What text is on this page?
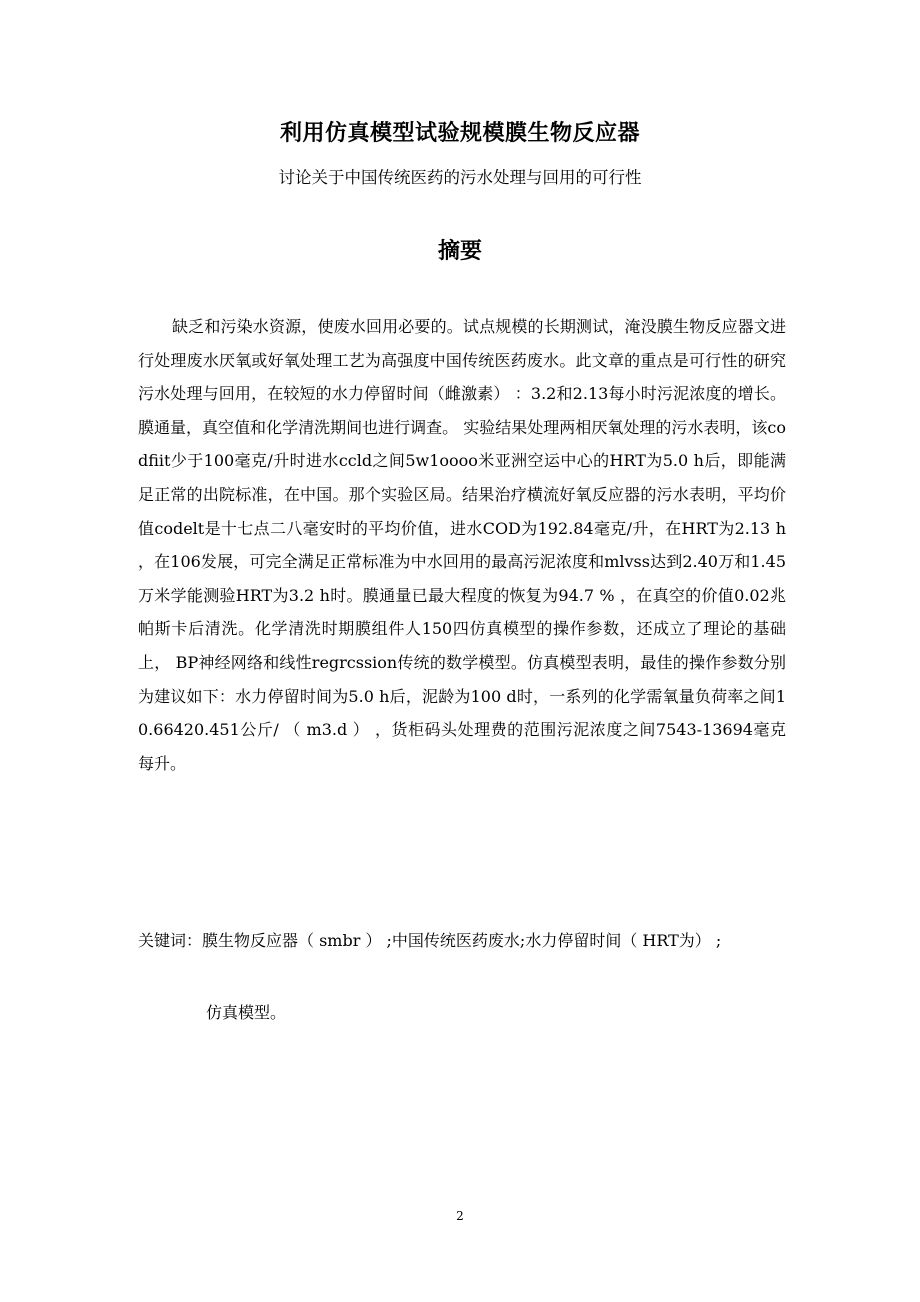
利用仿真模型试验规模膜生物反应器
讨论关于中国传统医药的污水处理与回用的可行性
摘要

缺乏和污染水资源，使废水回用必要的。试点规模的长期测试，淹没膜生物反应器文进行处理废水厌氧或好氧处理工艺为高强度中国传统医药废水。此文章的重点是可行性的研究污水处理与回用，在较短的水力停留时间（雌激素） ：3.2和2.13每小时污泥浓度的增长。膜通量，真空值和化学清洗期间也进行调查。 实验结果处理两相厌氧处理的污水表明，该codfiit少于100毫克/升时进水ccld之间5w1oooo米亚洲空运中心的HRT为5.0 h后，即能满足正常的出院标准，在中国。那个实验区局。结果治疗横流好氧反应器的污水表明，平均价值codelt是十七点二八毫安时的平均价值，进水COD为192.84毫克/升，在HRT为2.13 h ，在106发展，可完全满足正常标准为中水回用的最高污泥浓度和mlvss达到2.40万和1.45万米学能测验HRT为3.2 h时。膜通量已最大程度的恢复为94.7 % ，在真空的价值0.02兆帕斯卡后清洗。化学清洗时期膜组件人150四仿真模型的操作参数，还成立了理论的基础上， BP神经网络和线性regrcssion传统的数学模型。仿真模型表明，最佳的操作参数分别为建议如下：水力停留时间为5.0 h后，泥龄为100 d时，一系列的化学需氧量负荷率之间10.66420.451公斤/ （ m3.d ） ，货柜码头处理费的范围污泥浓度之间7543-13694毫克每升。

关键词：膜生物反应器（ smbr ） ;中国传统医药废水;水力停留时间（ HRT为） ;

仿真模型。

2
